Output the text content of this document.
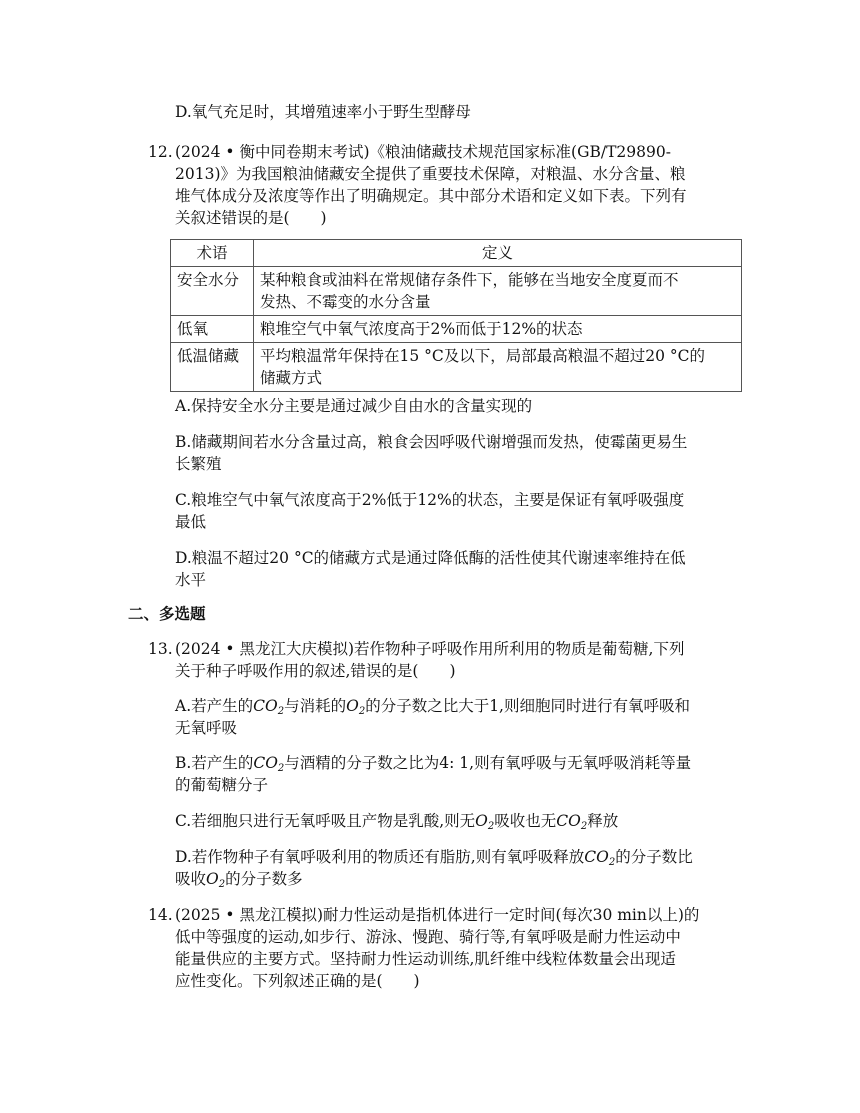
D.氧气充足时，其增殖速率小于野生型酵母
12. (2024 • 衡中同卷期末考试)《粮油储藏技术规范国家标准(GB/T29890-
2013)》为我国粮油储藏安全提供了重要技术保障，对粮温、水分含量、粮
堆气体成分及浓度等作出了明确规定。其中部分术语和定义如下表。下列有
关叙述错误的是(　　)
术语	定义
安全水分	某种粮食或油料在常规储存条件下，能够在当地安全度夏而不
发热、不霉变的水分含量

低氧	粮堆空气中氧气浓度高于2%而低于12%的状态

低温储藏	平均粮温常年保持在15 °C及以下，局部最高粮温不超过20 °C的
储藏方式
A.保持安全水分主要是通过减少自由水的含量实现的
B.储藏期间若水分含量过高，粮食会因呼吸代谢增强而发热，使霉菌更易生
长繁殖
C.粮堆空气中氧气浓度高于2%低于12%的状态，主要是保证有氧呼吸强度
最低
D.粮温不超过20 °C的储藏方式是通过降低酶的活性使其代谢速率维持在低
水平
二、多选题
13. (2024 • 黑龙江大庆模拟)若作物种子呼吸作用所利用的物质是葡萄糖,下列
关于种子呼吸作用的叙述,错误的是(　　)
A.若产生的$CO_2$与消耗的$O_2$的分子数之比大于1,则细胞同时进行有氧呼吸和
无氧呼吸
B.若产生的$CO_2$与酒精的分子数之比为4: 1,则有氧呼吸与无氧呼吸消耗等量
的葡萄糖分子
C.若细胞只进行无氧呼吸且产物是乳酸,则无$O_2$吸收也无$CO_2$释放
D.若作物种子有氧呼吸利用的物质还有脂肪,则有氧呼吸释放$CO_2$的分子数比
吸收$O_2$的分子数多
14. (2025 • 黑龙江模拟)耐力性运动是指机体进行一定时间(每次30 min以上)的
低中等强度的运动,如步行、游泳、慢跑、骑行等,有氧呼吸是耐力性运动中
能量供应的主要方式。坚持耐力性运动训练,肌纤维中线粒体数量会出现适
应性变化。下列叙述正确的是(　　)
